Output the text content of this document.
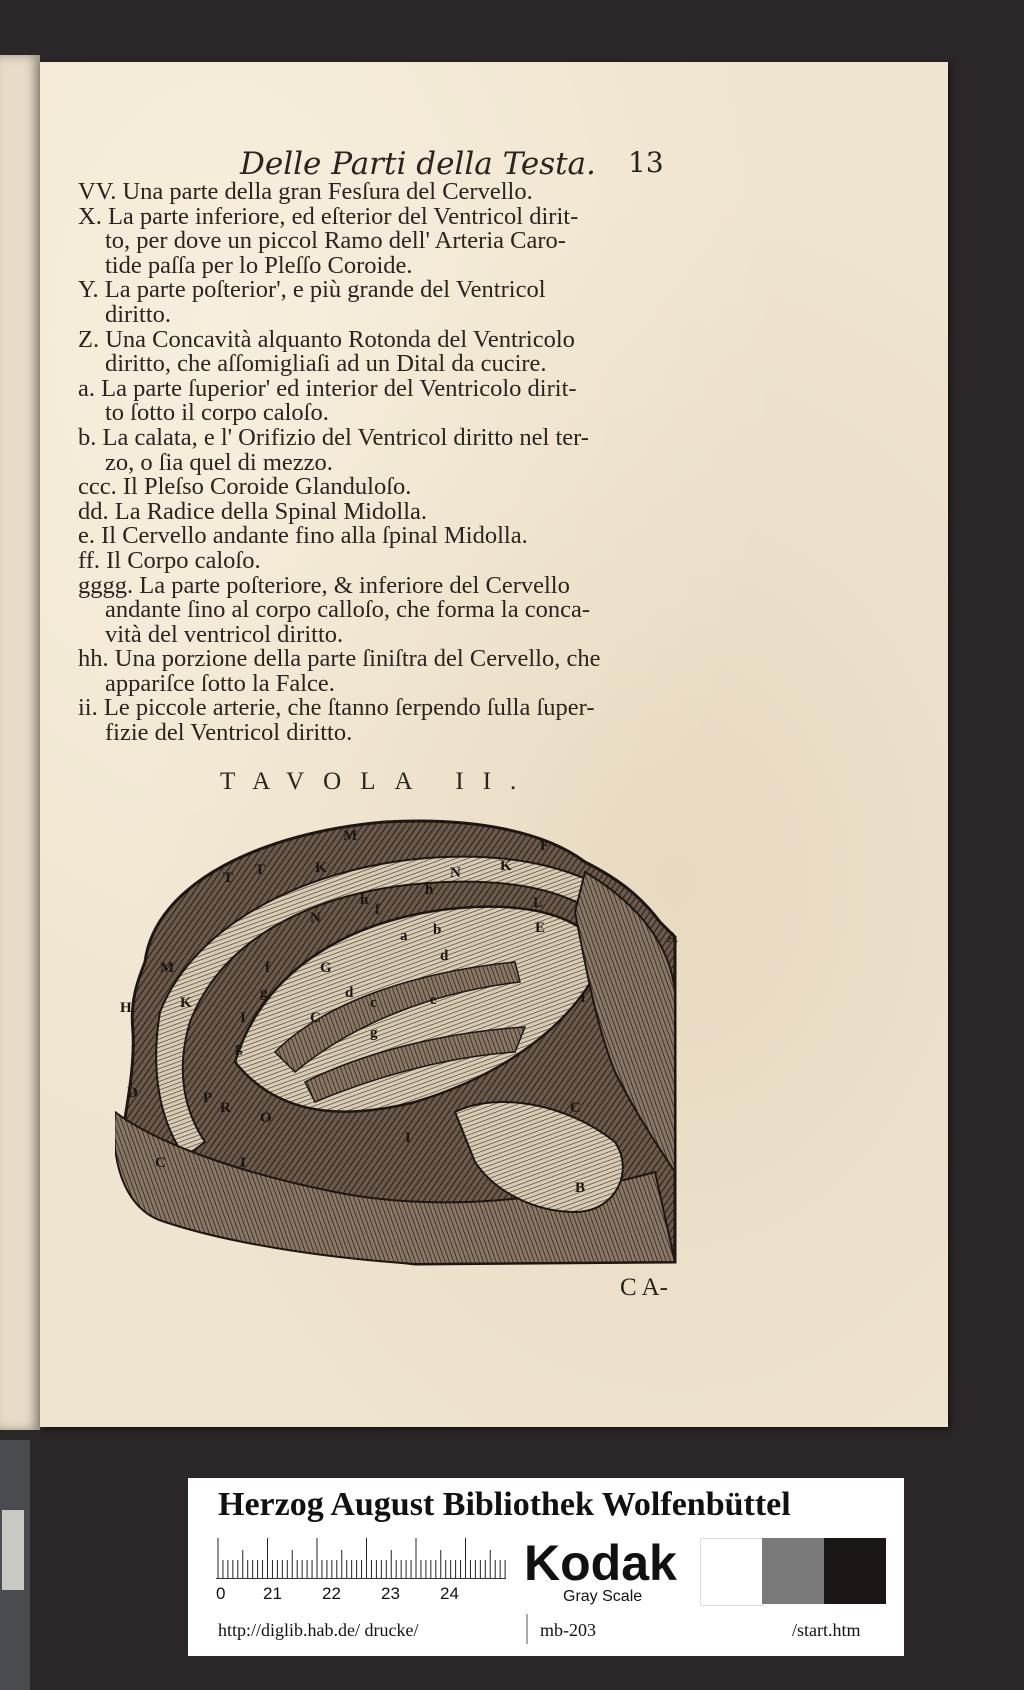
Delle Parti della Testa. 13

VV. Una parte della gran Fesſura del Cervello.

X. La parte inferiore, ed eſterior del Ventricol dirit-
to, per dove un piccol Ramo dell' Arteria Caro-
tide paſſa per lo Pleſſo Coroide.

Y. La parte poſterior', e più grande del Ventricol
diritto.

Z. Una Concavità alquanto Rotonda del Ventricolo
diritto, che aſſomigliaſi ad un Dital da cucire.

a. La parte ſuperior' ed interior del Ventricolo dirit-
to ſotto il corpo caloſo.

b. La calata, e l' Orifizio del Ventricol diritto nel ter-
zo, o ſia quel di mezzo.

ccc. Il Pleſso Coroide Glanduloſo.

dd. La Radice della Spinal Midolla.

e. Il Cervello andante fino alla ſpinal Midolla.

ff. Il Corpo caloſo.

gggg. La parte poſteriore, & inferiore del Cervello
andante ſino al corpo calloſo, che forma la conca-
vità del ventricol diritto.

hh. Una porzione della parte ſiniſtra del Cervello, che
appariſce ſotto la Falce.

ii. Le piccole arterie, che ſtanno ſerpendo ſulla ſuper-
fizie del Ventricol diritto.

TAVOLA II.
M
F
T T	K	N	K
h
h
f	L
E
A
N
a b
d
f	G
M
d	e
c	I
H	K
g
I
g
C
g
P
R
O
D
C	I
C
I
B
C A-
Herzog August Bibliothek Wolfenbüttel
0 21 22 23 24
Kodak
Gray Scale
http://diglib.hab.de/ drucke/	mb-203	/start.htm
